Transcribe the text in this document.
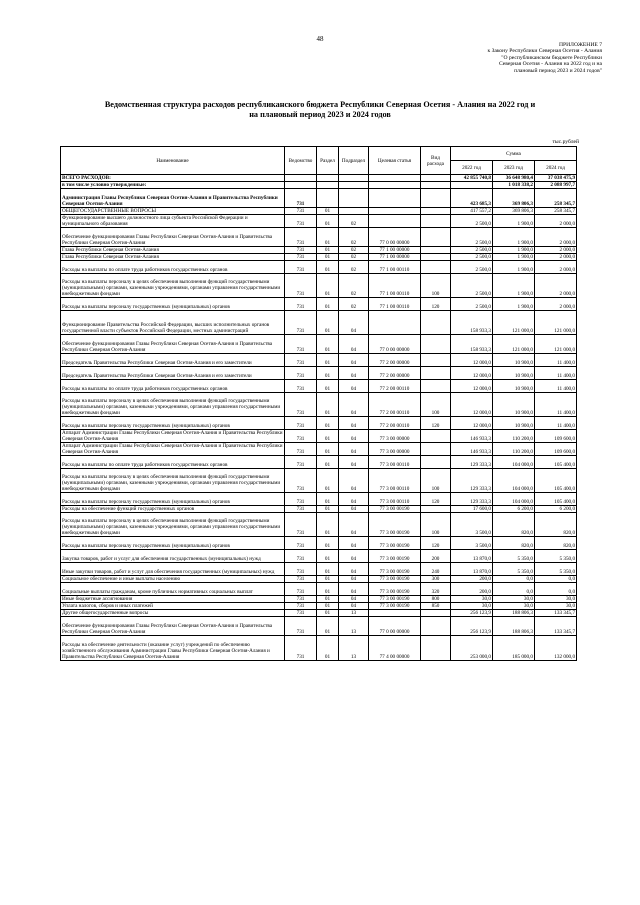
48
ПРИЛОЖЕНИЕ 7
к Закону Республики Северная Осетия - Алания
"О республиканском бюджете Республики
Северная Осетия - Алания на 2022 год и на
плановый период 2023 и 2024 годов"
Ведомственная структура расходов республиканского бюджета Республики Северная Осетия - Алания на 2022 год и
на плановый период 2023 и 2024 годов
тыс.рублей
Наименование	Ведомство	Раздел	Подраздел	Целевая статья	Вид расхода	Сумма		
						2022 год	2023 год	2024 год
ВСЕГО РАСХОДОВ:						42 855 740,8	36 648 980,4	37 038 475,9
в том числе условно утвержденные:							1 018 338,2	2 088 997,7
Администрация Главы Республики Северная Осетия-Алания и Правительства Республики Северная Осетия-Алания	731					423 685,3	369 806,3	258 345,7
ОБЩЕГОСУДАРСТВЕННЫЕ ВОПРОСЫ	731	01				417 557,2	369 806,3	258 345,7
Функционирование высшего должностного лица субъекта Российской Федерации и муниципального образования	731	01	02			2 500,0	1 900,0	2 000,0
Обеспечение функционирования Главы Республики Северная Осетия-Алания и Правительства Республики Северная Осетия-Алания	731	01	02	77 0 00 00000		2 500,0	1 900,0	2 000,0
Глава Республики Северная Осетия-Алания	731	01	02	77 1 00 00000		2 500,0	1 900,0	2 000,0
Глава Республики Северная Осетия-Алания	731	01	02	77 1 00 00000		2 500,0	1 900,0	2 000,0
Расходы на выплаты по оплате труда работников государственных органов	731	01	02	77 1 00 00110		2 500,0	1 900,0	2 000,0
Расходы на выплаты персоналу в целях обеспечения выполнения функций государственными (муниципальными) органами, казенными учреждениями, органами управления государственными внебюджетными фондами	731	01	02	77 1 00 00110	100	2 500,0	1 900,0	2 000,0
Расходы на выплаты персоналу государственных (муниципальных) органов	731	01	02	77 1 00 00110	120	2 500,0	1 900,0	2 000,0
Функционирование Правительства Российской Федерации, высших исполнительных органов государственной власти субъектов Российской Федерации, местных администраций	731	01	04			158 933,3	121 000,0	121 000,0
Обеспечение функционирования Главы Республики Северная Осетия-Алания и Правительства Республики Северная Осетия-Алания	731	01	04	77 0 00 00000		158 933,3	121 000,0	121 000,0
Председатель Правительства Республики Северная Осетия-Алания и его заместители	731	01	04	77 2 00 00000		12 000,0	10 900,0	11 400,0
Председатель Правительства Республики Северная Осетия-Алания и его заместители	731	01	04	77 2 00 00000		12 000,0	10 900,0	11 400,0
Расходы на выплаты по оплате труда работников государственных органов	731	01	04	77 2 00 00110		12 000,0	10 900,0	11 400,0
Расходы на выплаты персоналу в целях обеспечения выполнения функций государственными (муниципальными) органами, казенными учреждениями, органами управления государственными внебюджетными фондами	731	01	04	77 2 00 00110	100	12 000,0	10 900,0	11 400,0
Расходы на выплаты персоналу государственных (муниципальных) органов	731	01	04	77 2 00 00110	120	12 000,0	10 900,0	11 400,0
Аппарат Администрации Главы Республики Северная Осетия-Алания и Правительства Республики Северная Осетия-Алания	731	01	04	77 3 00 00000		146 933,3	110 200,0	109 600,0
Аппарат Администрации Главы Республики Северная Осетия-Алания и Правительства Республики Северная Осетия-Алания	731	01	04	77 3 00 00000		146 933,3	110 200,0	109 600,0
Расходы на выплаты по оплате труда работников государственных органов	731	01	04	77 3 00 00110		129 333,3	104 000,0	105 400,0
Расходы на выплаты персоналу в целях обеспечения выполнения функций государственными (муниципальными) органами, казенными учреждениями, органами управления государственными внебюджетными фондами	731	01	04	77 3 00 00110	100	129 333,3	104 000,0	105 400,0
Расходы на выплаты персоналу государственных (муниципальных) органов	731	01	04	77 3 00 00110	120	129 333,3	104 000,0	105 400,0
Расходы на обеспечение функций государственных органов	731	01	04	77 3 00 00190		17 600,0	6 200,0	6 200,0
Расходы на выплаты персоналу в целях обеспечения выполнения функций государственными (муниципальными) органами, казенными учреждениями, органами управления государственными внебюджетными фондами	731	01	04	77 3 00 00190	100	3 500,0	820,0	820,0
Расходы на выплаты персоналу государственных (муниципальных) органов	731	01	04	77 3 00 00190	120	3 500,0	820,0	820,0
Закупка товаров, работ и услуг для обеспечения государственных (муниципальных) нужд	731	01	04	77 3 00 00190	200	13 870,0	5 350,0	5 350,0
Иные закупки товаров, работ и услуг для обеспечения государственных (муниципальных) нужд	731	01	04	77 3 00 00190	240	13 870,0	5 350,0	5 350,0
Социальное обеспечение и иные выплаты населению	731	01	04	77 3 00 00190	300	200,0	0,0	0,0
Социальные выплаты гражданам, кроме публичных нормативных социальных выплат	731	01	04	77 3 00 00190	320	200,0	0,0	0,0
Иные бюджетные ассигнования	731	01	04	77 3 00 00190	800	30,0	30,0	30,0
Уплата налогов, сборов и иных платежей	731	01	04	77 3 00 00190	850	30,0	30,0	30,0
Другие общегосударственные вопросы	731	01	13			256 123,9	188 806,3	133 345,7
Обеспечение функционирования Главы Республики Северная Осетия-Алания и Правительства Республики Северная Осетия-Алания	731	01	13	77 0 00 00000		256 123,9	188 806,3	133 345,7
Расходы на обеспечение деятельности (оказание услуг) учреждений по обеспечению хозяйственного обслуживания Администрации Главы Республики Северная Осетия-Алания и Правительства Республики Северная Осетия-Алания	731	01	13	77 4 00 00000		253 000,0	185 000,0	132 000,0
